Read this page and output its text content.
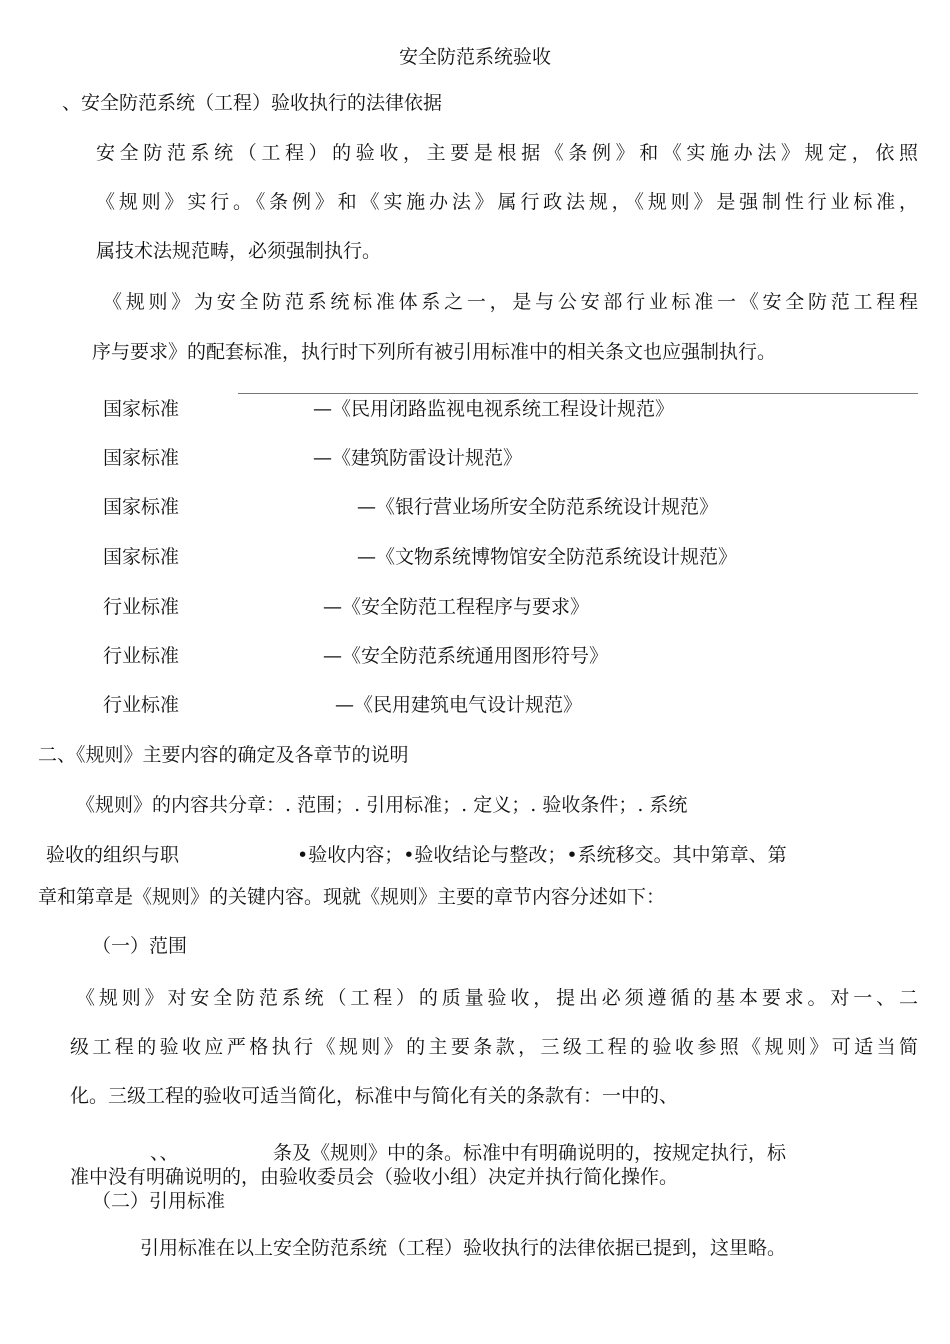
安全防范系统验收
、安全防范系统（工程）验收执行的法律依据
安全防范系统（工程）的验收，主要是根据《条例》和《实施办法》规定，依照
《规则》实行。《条例》和《实施办法》属行政法规，《规则》是强制性行业标准，
属技术法规范畴，必须强制执行。
《规则》为安全防范系统标准体系之一，是与公安部行业标准一《安全防范工程程
序与要求》的配套标准，执行时下列所有被引用标准中的相关条文也应强制执行。
国家标准	—《民用闭路监视电视系统工程设计规范》
国家标准	—《建筑防雷设计规范》
国家标准	—《银行营业场所安全防范系统设计规范》
国家标准	—《文物系统博物馆安全防范系统设计规范》
行业标准	—《安全防范工程程序与要求》
行业标准	—《安全防范系统通用图形符号》
行业标准	—《民用建筑电气设计规范》
二、《规则》主要内容的确定及各章节的说明
《规则》的内容共分章：. 范围；. 引用标准；. 定义；. 验收条件；. 系统
验收的组织与职	•验收内容；•验收结论与整改；•系统移交。其中第章、第
章和第章是《规则》的关键内容。现就《规则》主要的章节内容分述如下：
（一）范围
《规则》对安全防范系统（工程）的质量验收，提出必须遵循的基本要求。对一、二
级工程的验收应严格执行《规则》的主要条款，三级工程的验收参照《规则》可适当简
化。三级工程的验收可适当简化，标准中与简化有关的条款有：一中的、
、、	条及《规则》中的条。标准中有明确说明的，按规定执行，标
准中没有明确说明的，由验收委员会（验收小组）决定并执行简化操作。
（二）引用标准
引用标准在以上安全防范系统（工程）验收执行的法律依据已提到，这里略。
